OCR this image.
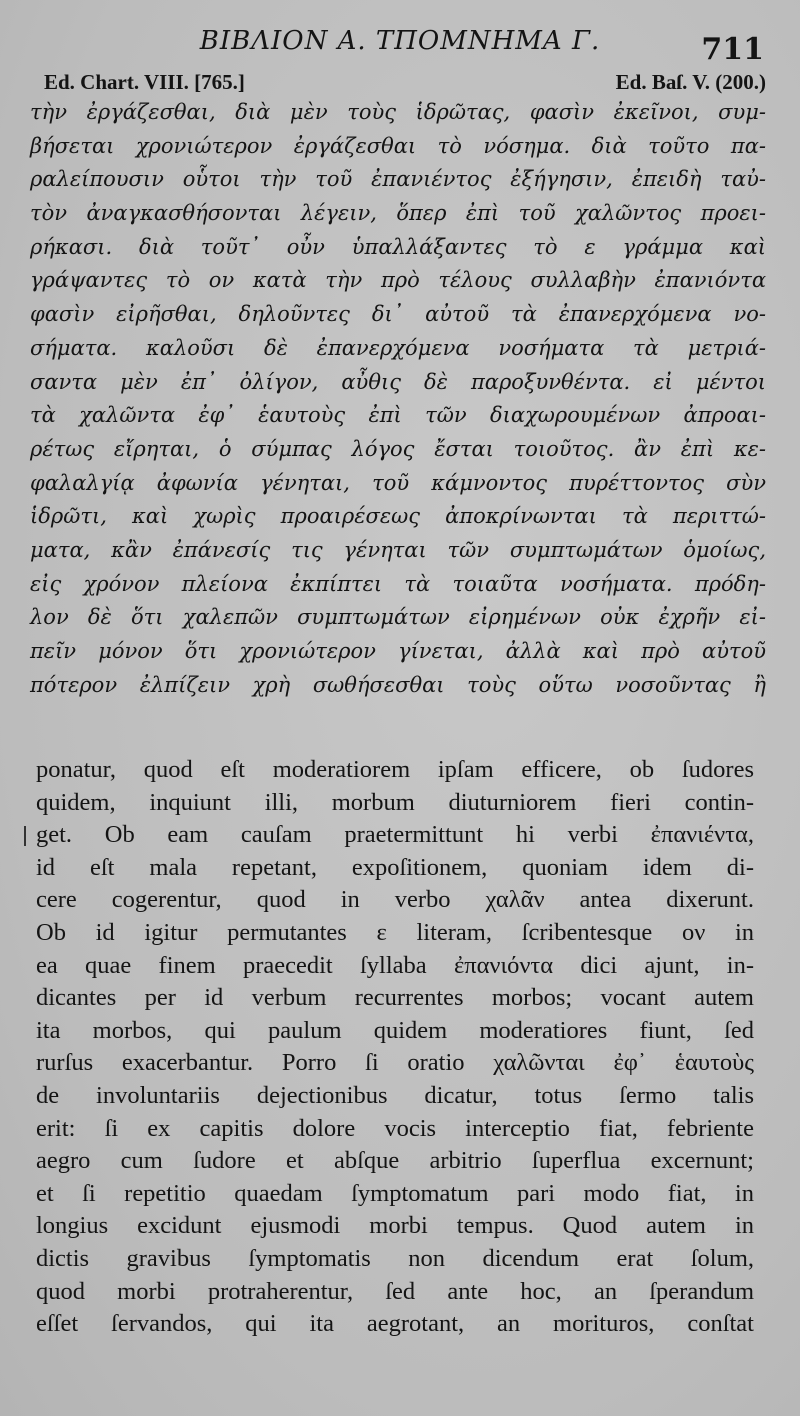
ΒΙΒΛΙΟΝ Α. ΤΠΟΜΝΗΜΑ Γ.	711
Ed. Chart. VIII. [765.]	Ed. Baſ. V. (200.)
τὴν ἐργάζεσθαι, διὰ μὲν τοὺς ἱδρῶτας, φασὶν ἐκεῖνοι, συμ-
βήσεται χρονιώτερον ἐργάζεσθαι τὸ νόσημα. διὰ τοῦτο πα-
ραλείπουσιν οὗτοι τὴν τοῦ ἐπανιέντος ἐξήγησιν, ἐπειδὴ ταὐ-
τὸν ἀναγκασθήσονται λέγειν, ὅπερ ἐπὶ τοῦ χαλῶντος προει-
ρήκασι. διὰ τοῦτ᾽ οὖν ὑπαλλάξαντες τὸ ε γράμμα καὶ
γράψαντες τὸ ον κατὰ τὴν πρὸ τέλους συλλαβὴν ἐπανιόντα
φασὶν εἰρῆσθαι, δηλοῦντες δι᾽ αὐτοῦ τὰ ἐπανερχόμενα νο-
σήματα. καλοῦσι δὲ ἐπανερχόμενα νοσήματα τὰ μετριά-
σαντα μὲν ἐπ᾽ ὀλίγον, αὖθις δὲ παροξυνθέντα. εἰ μέντοι
τὰ χαλῶντα ἐφ᾽ ἑαυτοὺς ἐπὶ τῶν διαχωρουμένων ἀπροαι-
ρέτως εἴρηται, ὁ σύμπας λόγος ἔσται τοιοῦτος. ἂν ἐπὶ κε-
φαλαλγίᾳ ἀφωνία γένηται, τοῦ κάμνοντος πυρέττοντος σὺν
ἱδρῶτι, καὶ χωρὶς προαιρέσεως ἀποκρίνωνται τὰ περιττώ-
ματα, κἂν ἐπάνεσίς τις γένηται τῶν συμπτωμάτων ὁμοίως,
εἰς χρόνον πλείονα ἐκπίπτει τὰ τοιαῦτα νοσήματα. πρόδη-
λον δὲ ὅτι χαλεπῶν συμπτωμάτων εἰρημένων οὐκ ἐχρῆν εἰ-
πεῖν μόνον ὅτι χρονιώτερον γίνεται, ἀλλὰ καὶ πρὸ αὐτοῦ
πότερον ἐλπίζειν χρὴ σωθήσεσθαι τοὺς οὕτω νοσοῦντας ἢ
ponatur, quod eſt moderatiorem ipſam efficere, ob ſudores
quidem, inquiunt illi, morbum diuturniorem fieri contin-
get. Ob eam cauſam praetermittunt hi verbi ἐπανιέντα,
id eſt mala repetant, expoſitionem, quoniam idem di-
cere cogerentur, quod in verbo χαλᾶν antea dixerunt.
Ob id igitur permutantes ε literam, ſcribentesque ον in
ea quae finem praecedit ſyllaba ἐπανιόντα dici ajunt, in-
dicantes per id verbum recurrentes morbos; vocant autem
ita morbos, qui paulum quidem moderatiores fiunt, ſed
rurſus exacerbantur. Porro ſi oratio χαλῶνται ἐφ᾽ ἑαυτοὺς
de involuntariis dejectionibus dicatur, totus ſermo talis
erit: ſi ex capitis dolore vocis interceptio fiat, febriente
aegro cum ſudore et abſque arbitrio ſuperflua excernunt;
et ſi repetitio quaedam ſymptomatum pari modo fiat, in
longius excidunt ejusmodi morbi tempus. Quod autem in
dictis gravibus ſymptomatis non dicendum erat ſolum,
quod morbi protraherentur, ſed ante hoc, an ſperandum
eſſet ſervandos, qui ita aegrotant, an morituros, conſtat
